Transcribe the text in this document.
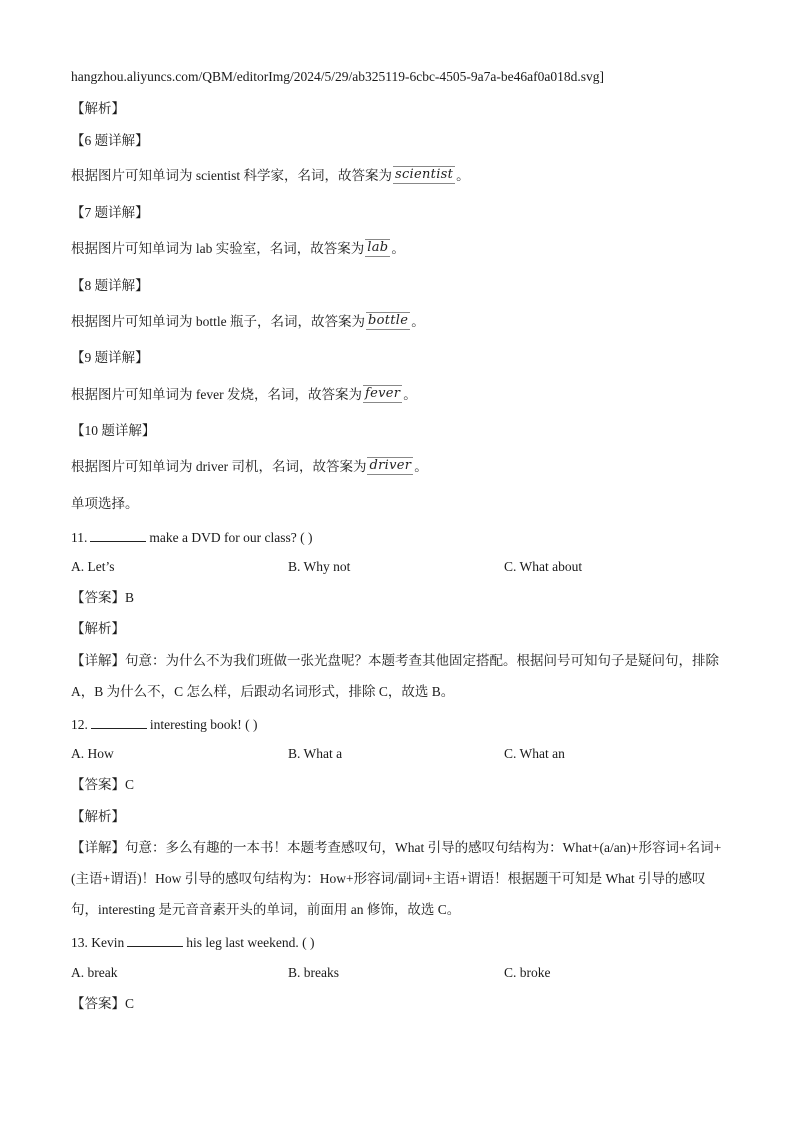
hangzhou.aliyuncs.com/QBM/editorImg/2024/5/29/ab325119-6cbc-4505-9a7a-be46af0a018d.svg]
【解析】
【6 题详解】
根据图片可知单词为 scientist 科学家，名词，故答案为 scientist 。
【7 题详解】
根据图片可知单词为 lab 实验室，名词，故答案为 lab 。
【8 题详解】
根据图片可知单词为 bottle 瓶子，名词，故答案为 bottle 。
【9 题详解】
根据图片可知单词为 fever 发烧，名词，故答案为 fever 。
【10 题详解】
根据图片可知单词为 driver 司机，名词，故答案为 driver 。
单项选择。
11.	make a DVD for our class? ( )
A. Let’s	B. Why not	C. What about
【答案】B
【解析】
【详解】句意：为什么不为我们班做一张光盘呢？本题考查其他固定搭配。根据问号可知句子是疑问句，排除 A，B 为什么不，C 怎么样，后跟动名词形式，排除 C，故选 B。
12.	interesting book! ( )
A. How	B. What a	C. What an
【答案】C
【解析】
【详解】句意：多么有趣的一本书！本题考查感叹句，What 引导的感叹句结构为：What+(a/an)+形容词+名词+(主语+谓语)！How 引导的感叹句结构为：How+形容词/副词+主语+谓语！根据题干可知是 What 引导的感叹句，interesting 是元音音素开头的单词，前面用 an 修饰，故选 C。
13. Kevin	his leg last weekend. ( )
A. break	B. breaks	C. broke
【答案】C
